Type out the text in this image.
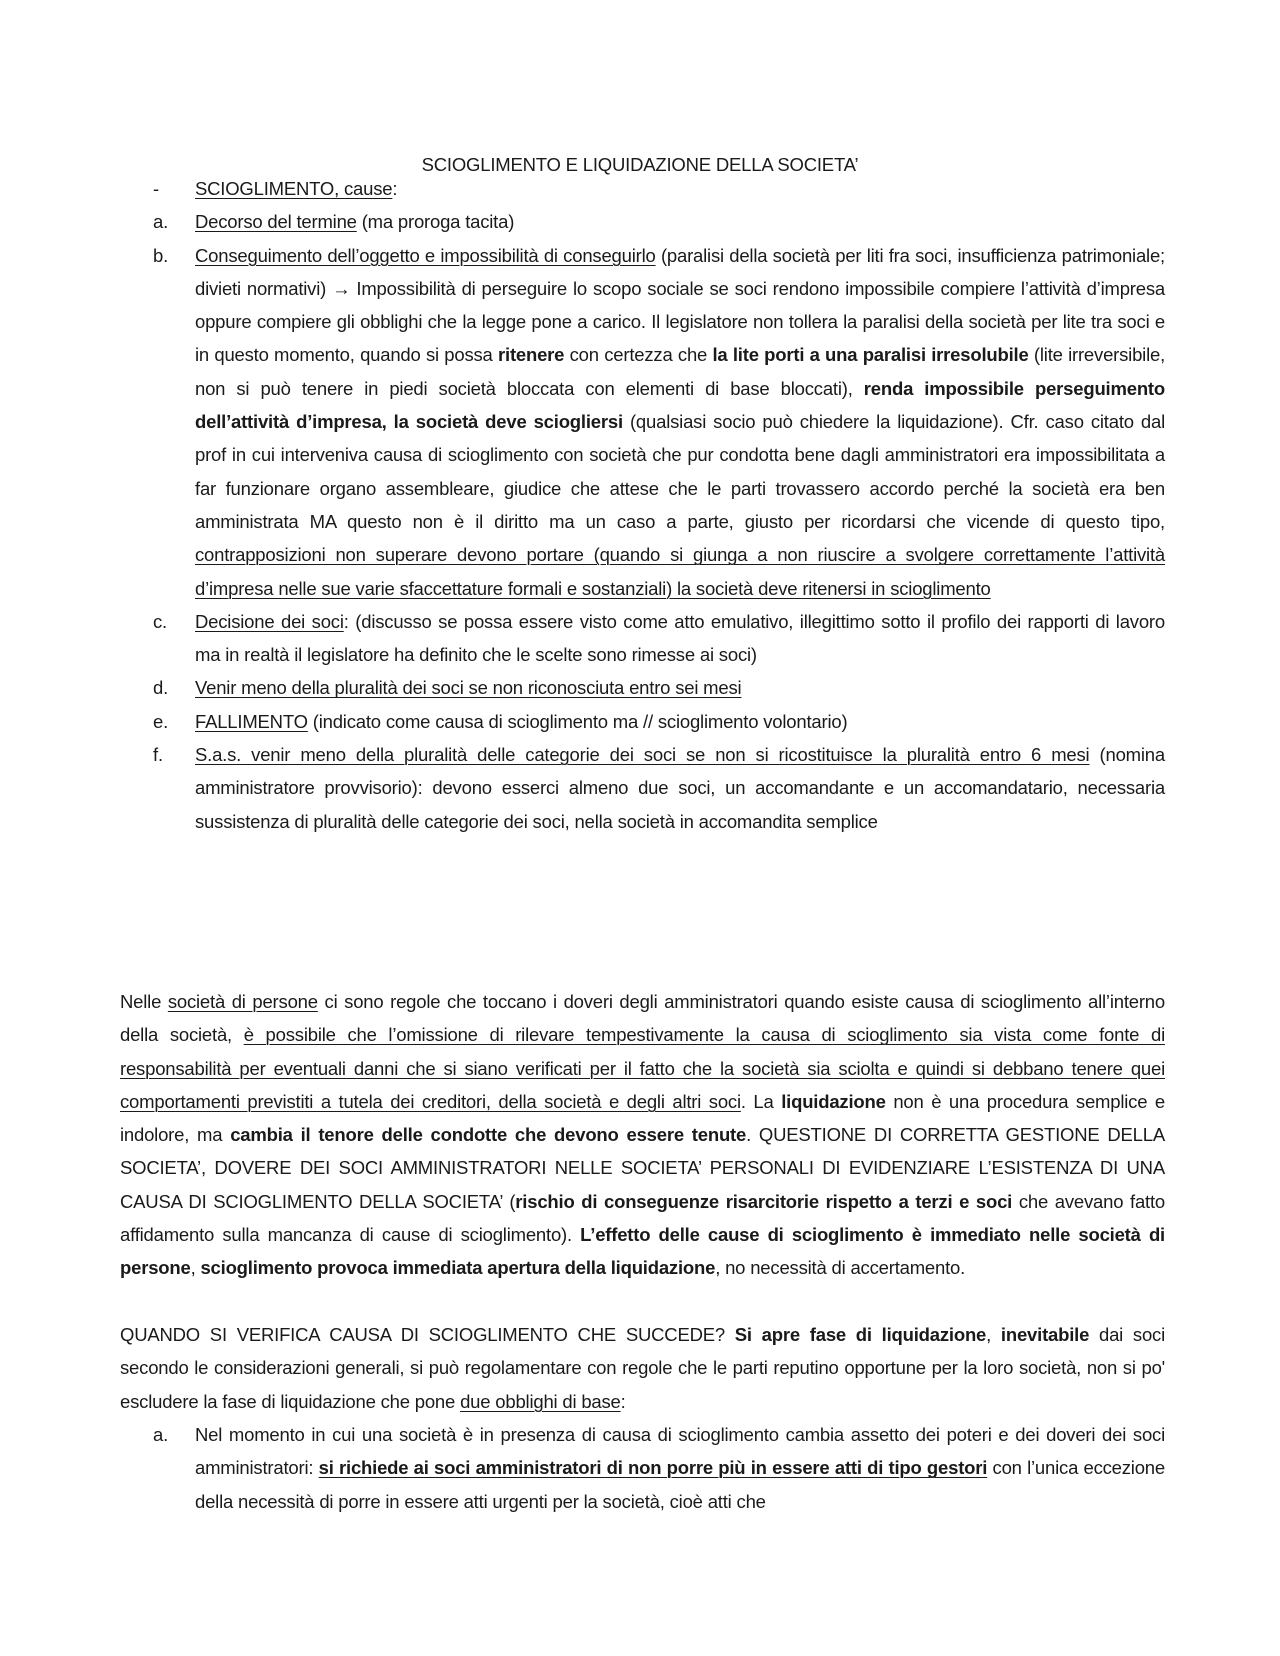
SCIOGLIMENTO E LIQUIDAZIONE DELLA SOCIETA’
-	SCIOGLIMENTO, cause:
a.	Decorso del termine (ma proroga tacita)
b.	Conseguimento dell’oggetto e impossibilità di conseguirlo (paralisi della società per liti fra soci, insufficienza patrimoniale; divieti normativi) → Impossibilità di perseguire lo scopo sociale se soci rendono impossibile compiere l’attività d’impresa oppure compiere gli obblighi che la legge pone a carico. Il legislatore non tollera la paralisi della società per lite tra soci e in questo momento, quando si possa ritenere con certezza che la lite porti a una paralisi irresolubile (lite irreversibile, non si può tenere in piedi società bloccata con elementi di base bloccati), renda impossibile perseguimento dell’attività d’impresa, la società deve sciogliersi (qualsiasi socio può chiedere la liquidazione). Cfr. caso citato dal prof in cui interveniva causa di scioglimento con società che pur condotta bene dagli amministratori era impossibilitata a far funzionare organo assembleare, giudice che attese che le parti trovassero accordo perché la società era ben amministrata MA questo non è il diritto ma un caso a parte, giusto per ricordarsi che vicende di questo tipo, contrapposizioni non superare devono portare (quando si giunga a non riuscire a svolgere correttamente l’attività d’impresa nelle sue varie sfaccettature formali e sostanziali) la società deve ritenersi in scioglimento
c.	Decisione dei soci: (discusso se possa essere visto come atto emulativo, illegittimo sotto il profilo dei rapporti di lavoro ma in realtà il legislatore ha definito che le scelte sono rimesse ai soci)
d.	Venir meno della pluralità dei soci se non riconosciuta entro sei mesi
e.	FALLIMENTO (indicato come causa di scioglimento ma // scioglimento volontario)
f.	S.a.s. venir meno della pluralità delle categorie dei soci se non si ricostituisce la pluralità entro 6 mesi (nomina amministratore provvisorio): devono esserci almeno due soci, un accomandante e un accomandatario, necessaria sussistenza di pluralità delle categorie dei soci, nella società in accomandita semplice

Nelle società di persone ci sono regole che toccano i doveri degli amministratori quando esiste causa di scioglimento all’interno della società, è possibile che l’omissione di rilevare tempestivamente la causa di scioglimento sia vista come fonte di responsabilità per eventuali danni che si siano verificati per il fatto che la società sia sciolta e quindi si debbano tenere quei comportamenti previstiti a tutela dei creditori, della società e degli altri soci. La liquidazione non è una procedura semplice e indolore, ma cambia il tenore delle condotte che devono essere tenute. QUESTIONE DI CORRETTA GESTIONE DELLA SOCIETA’, DOVERE DEI SOCI AMMINISTRATORI NELLE SOCIETA’ PERSONALI DI EVIDENZIARE L’ESISTENZA DI UNA CAUSA DI SCIOGLIMENTO DELLA SOCIETA’ (rischio di conseguenze risarcitorie rispetto a terzi e soci che avevano fatto affidamento sulla mancanza di cause di scioglimento). L’effetto delle cause di scioglimento è immediato nelle società di persone, scioglimento provoca immediata apertura della liquidazione, no necessità di accertamento.

QUANDO SI VERIFICA CAUSA DI SCIOGLIMENTO CHE SUCCEDE? Si apre fase di liquidazione, inevitabile dai soci secondo le considerazioni generali, si può regolamentare con regole che le parti reputino opportune per la loro società, non si po' escludere la fase di liquidazione che pone due obblighi di base:

a.	Nel momento in cui una società è in presenza di causa di scioglimento cambia assetto dei poteri e dei doveri dei soci amministratori: si richiede ai soci amministratori di non porre più in essere atti di tipo gestori con l’unica eccezione della necessità di porre in essere atti urgenti per la società, cioè atti che
